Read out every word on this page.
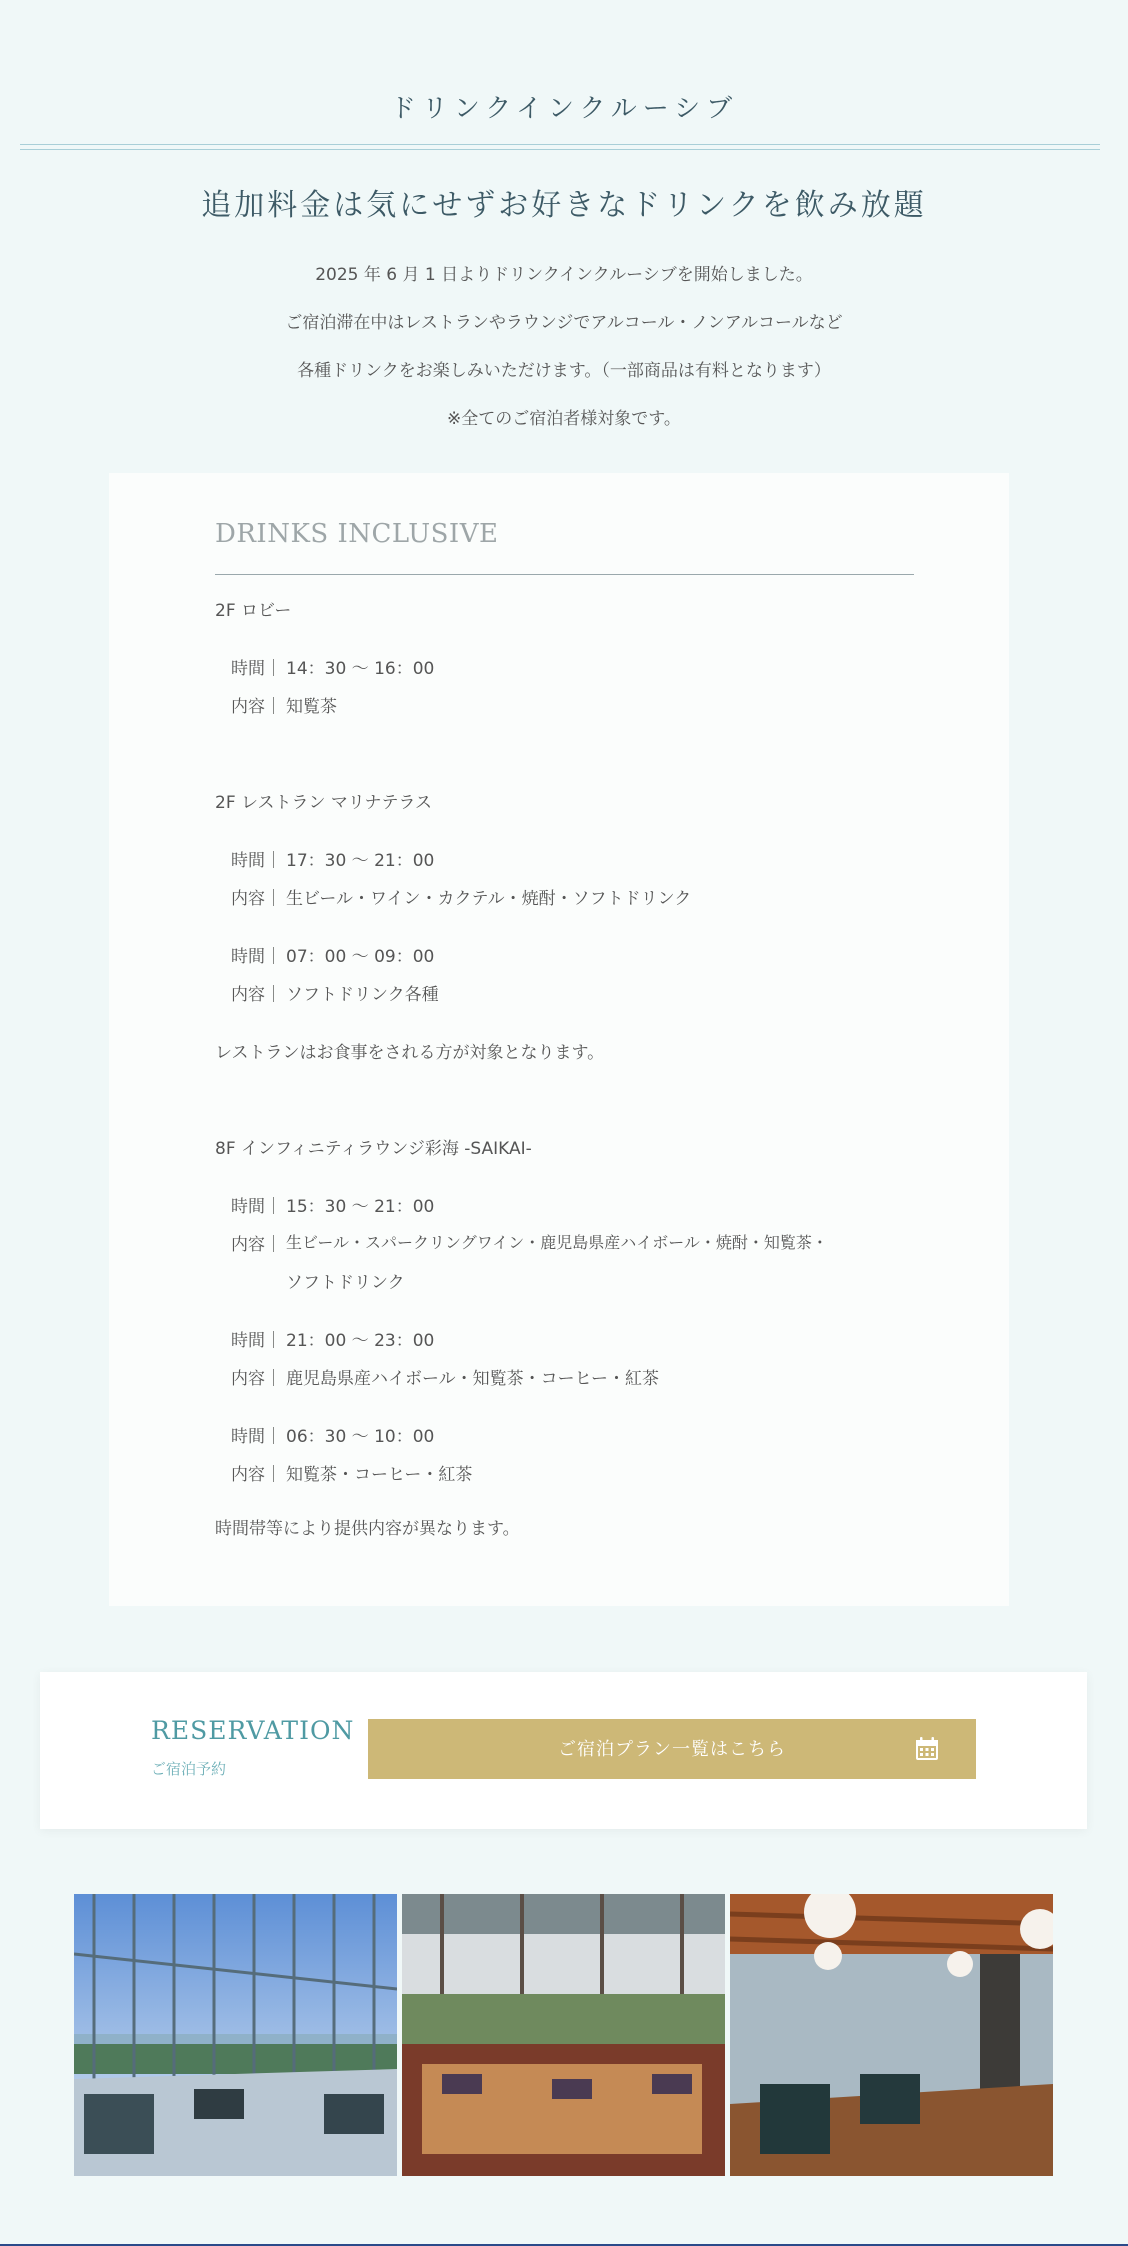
ドリンクインクルーシブ
追加料金は気にせずお好きなドリンクを飲み放題
2025 年 6 月 1 日よりドリンクインクルーシブを開始しました。
ご宿泊滞在中はレストランやラウンジでアルコール・ノンアルコールなど
各種ドリンクをお楽しみいただけます。（一部商品は有料となります）
※全てのご宿泊者様対象です。
DRINKS INCLUSIVE
2F ロビー
時間｜ 14：30 〜 16：00
内容｜ 知覧茶
2F レストラン マリナテラス
時間｜ 17：30 〜 21：00
内容｜ 生ビール・ワイン・カクテル・焼酎・ソフトドリンク
時間｜ 07：00 〜 09：00
内容｜ ソフトドリンク各種
レストランはお食事をされる方が対象となります。
8F インフィニティラウンジ彩海 -SAIKAI-
時間｜ 15：30 〜 21：00
内容｜ 生ビール・スパークリングワイン・鹿児島県産ハイボール・焼酎・知覧茶・
ソフトドリンク
時間｜ 21：00 〜 23：00
内容｜ 鹿児島県産ハイボール・知覧茶・コーヒー・紅茶
時間｜ 06：30 〜 10：00
内容｜ 知覧茶・コーヒー・紅茶
時間帯等により提供内容が異なります。
RESERVATION
ご宿泊予約
ご宿泊プラン一覧はこちら
